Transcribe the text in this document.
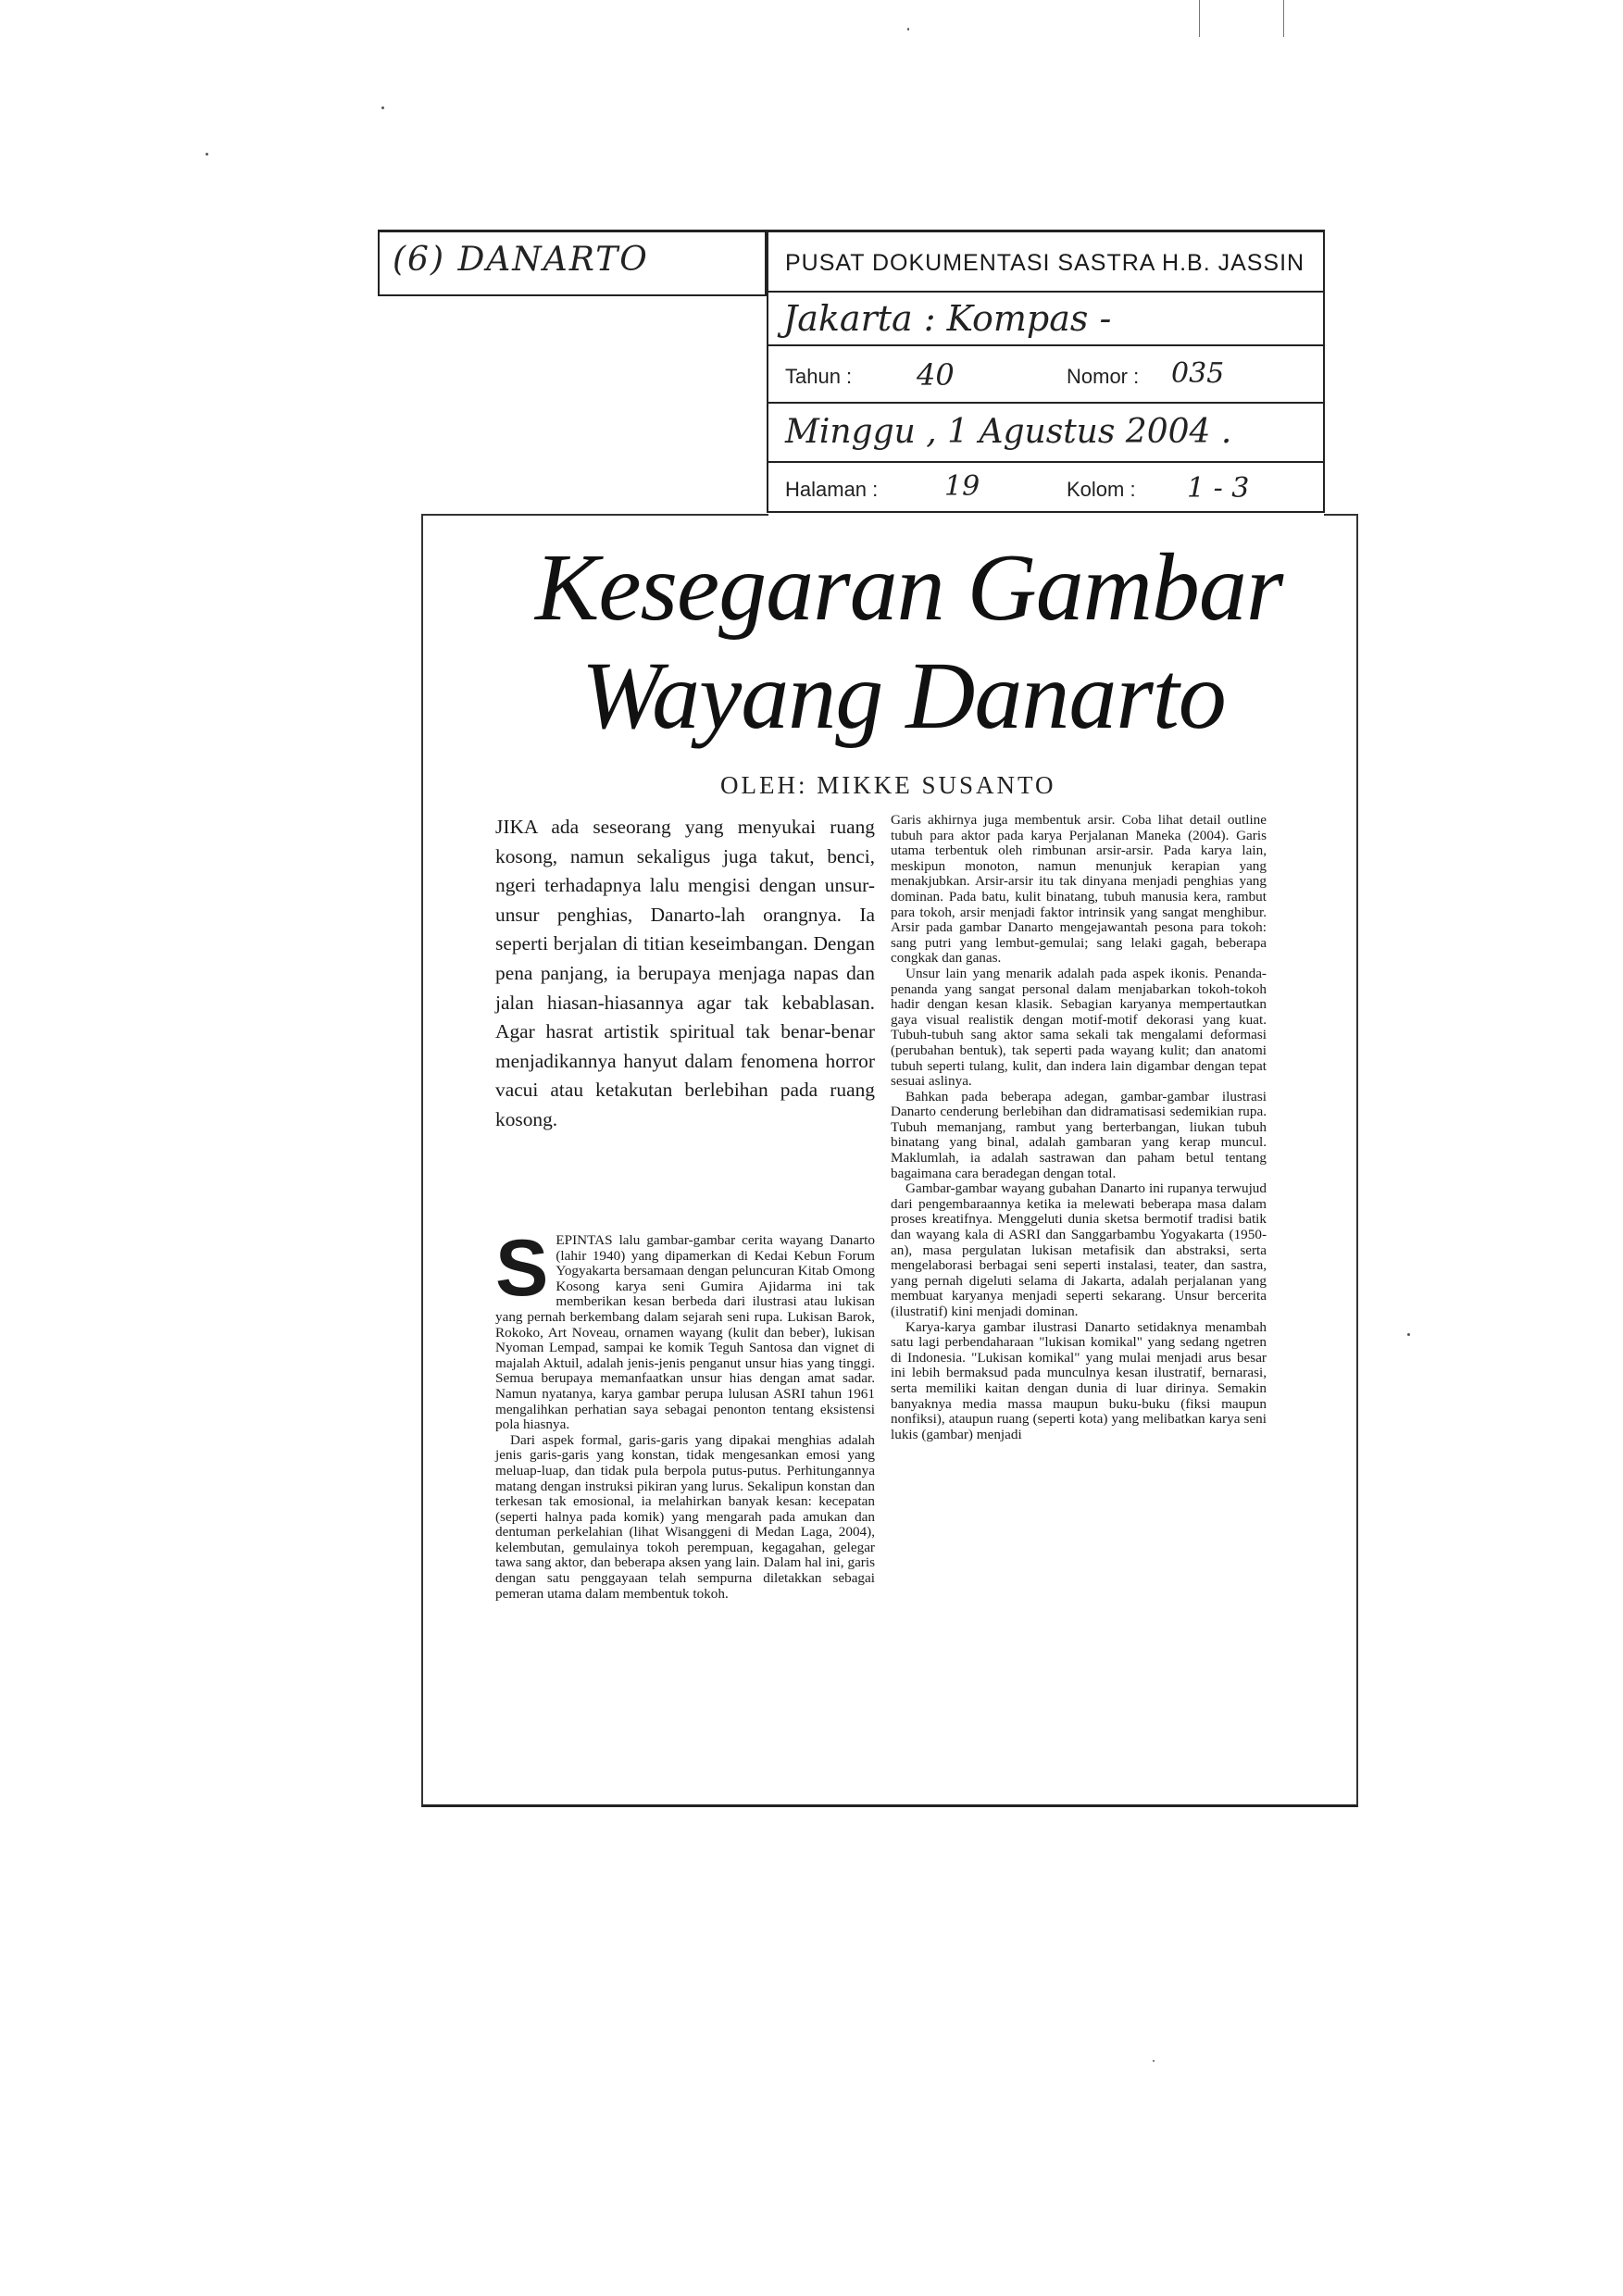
(6) DANARTO	PUSAT DOKUMENTASI SASTRA H.B. JASSIN
Jakarta : Kompas -
Tahun : 40	Nomor : 035
Minggu , 1 Agustus 2004 .
Halaman : 19	Kolom : 1 - 3
Kesegaran Gambar
Wayang Danarto
OLEH: MIKKE SUSANTO
JIKA ada seseorang yang menyukai ruang kosong, namun sekaligus juga takut, benci, ngeri terhadapnya lalu mengisi dengan unsur-unsur penghias, Danarto-lah orangnya. Ia seperti berjalan di titian keseimbangan. Dengan pena panjang, ia berupaya menjaga napas dan jalan hiasan-hiasannya agar tak kebablasan. Agar hasrat artistik spiritual tak benar-benar menjadikannya hanyut dalam fenomena horror vacui atau ketakutan berlebihan pada ruang kosong.
S EPINTAS lalu gambar-gambar cerita wayang Danarto (lahir 1940) yang dipamerkan di Kedai Kebun Forum Yogyakarta bersamaan dengan peluncuran Kitab Omong Kosong karya seni Gumira Ajidarma ini tak memberikan kesan berbeda dari ilustrasi atau lukisan yang pernah berkembang dalam sejarah seni rupa. Lukisan Barok, Rokoko, Art Noveau, ornamen wayang (kulit dan beber), lukisan Nyoman Lempad, sampai ke komik Teguh Santosa dan vignet di majalah Aktuil, adalah jenis-jenis penganut unsur hias yang tinggi. Semua berupaya memanfaatkan unsur hias dengan amat sadar. Namun nyatanya, karya gambar perupa lulusan ASRI tahun 1961 mengalihkan perhatian saya sebagai penonton tentang eksistensi pola hiasnya.

Dari aspek formal, garis-garis yang dipakai menghias adalah jenis garis-garis yang konstan, tidak mengesankan emosi yang meluap-luap, dan tidak pula berpola putus-putus. Perhitungannya matang dengan instruksi pikiran yang lurus. Sekalipun konstan dan terkesan tak emosional, ia melahirkan banyak kesan: kecepatan (seperti halnya pada komik) yang mengarah pada amukan dan dentuman perkelahian (lihat Wisanggeni di Medan Laga, 2004), kelembutan, gemulainya tokoh perempuan, kegagahan, gelegar tawa sang aktor, dan beberapa aksen yang lain. Dalam hal ini, garis dengan satu penggayaan telah sempurna diletakkan sebagai pemeran utama dalam membentuk tokoh.

Garis akhirnya juga membentuk arsir. Coba lihat detail outline tubuh para aktor pada karya Perjalanan Maneka (2004). Garis utama terbentuk oleh rimbunan arsir-arsir. Pada karya lain, meskipun monoton, namun menunjuk kerapian yang menakjubkan. Arsir-arsir itu tak dinyana menjadi penghias yang dominan. Pada batu, kulit binatang, tubuh manusia kera, rambut para tokoh, arsir menjadi faktor intrinsik yang sangat menghibur. Arsir pada gambar Danarto mengejawantah pesona para tokoh: sang putri yang lembut-gemulai; sang lelaki gagah, beberapa congkak dan ganas.

Unsur lain yang menarik adalah pada aspek ikonis. Penanda-penanda yang sangat personal dalam menjabarkan tokoh-tokoh hadir dengan kesan klasik. Sebagian karyanya mempertautkan gaya visual realistik dengan motif-motif dekorasi yang kuat. Tubuh-tubuh sang aktor sama sekali tak mengalami deformasi (perubahan bentuk), tak seperti pada wayang kulit; dan anatomi tubuh seperti tulang, kulit, dan indera lain digambar dengan tepat sesuai aslinya.

Bahkan pada beberapa adegan, gambar-gambar ilustrasi Danarto cenderung berlebihan dan didramatisasi sedemikian rupa. Tubuh memanjang, rambut yang berterbangan, liukan tubuh binatang yang binal, adalah gambaran yang kerap muncul. Maklumlah, ia adalah sastrawan dan paham betul tentang bagaimana cara beradegan dengan total.

Gambar-gambar wayang gubahan Danarto ini rupanya terwujud dari pengembaraannya ketika ia melewati beberapa masa dalam proses kreatifnya. Menggeluti dunia sketsa bermotif tradisi batik dan wayang kala di ASRI dan Sanggarbambu Yogyakarta (1950-an), masa pergulatan lukisan metafisik dan abstraksi, serta mengelaborasi berbagai seni seperti instalasi, teater, dan sastra, yang pernah digeluti selama di Jakarta, adalah perjalanan yang membuat karyanya menjadi seperti sekarang. Unsur bercerita (ilustratif) kini menjadi dominan.

Karya-karya gambar ilustrasi Danarto setidaknya menambah satu lagi perbendaharaan "lukisan komikal" yang sedang ngetren di Indonesia. "Lukisan komikal" yang mulai menjadi arus besar ini lebih bermaksud pada munculnya kesan ilustratif, bernarasi, serta memiliki kaitan dengan dunia di luar dirinya. Semakin banyaknya media massa maupun buku-buku (fiksi maupun nonfiksi), ataupun ruang (seperti kota) yang melibatkan karya seni lukis (gambar) menjadi
